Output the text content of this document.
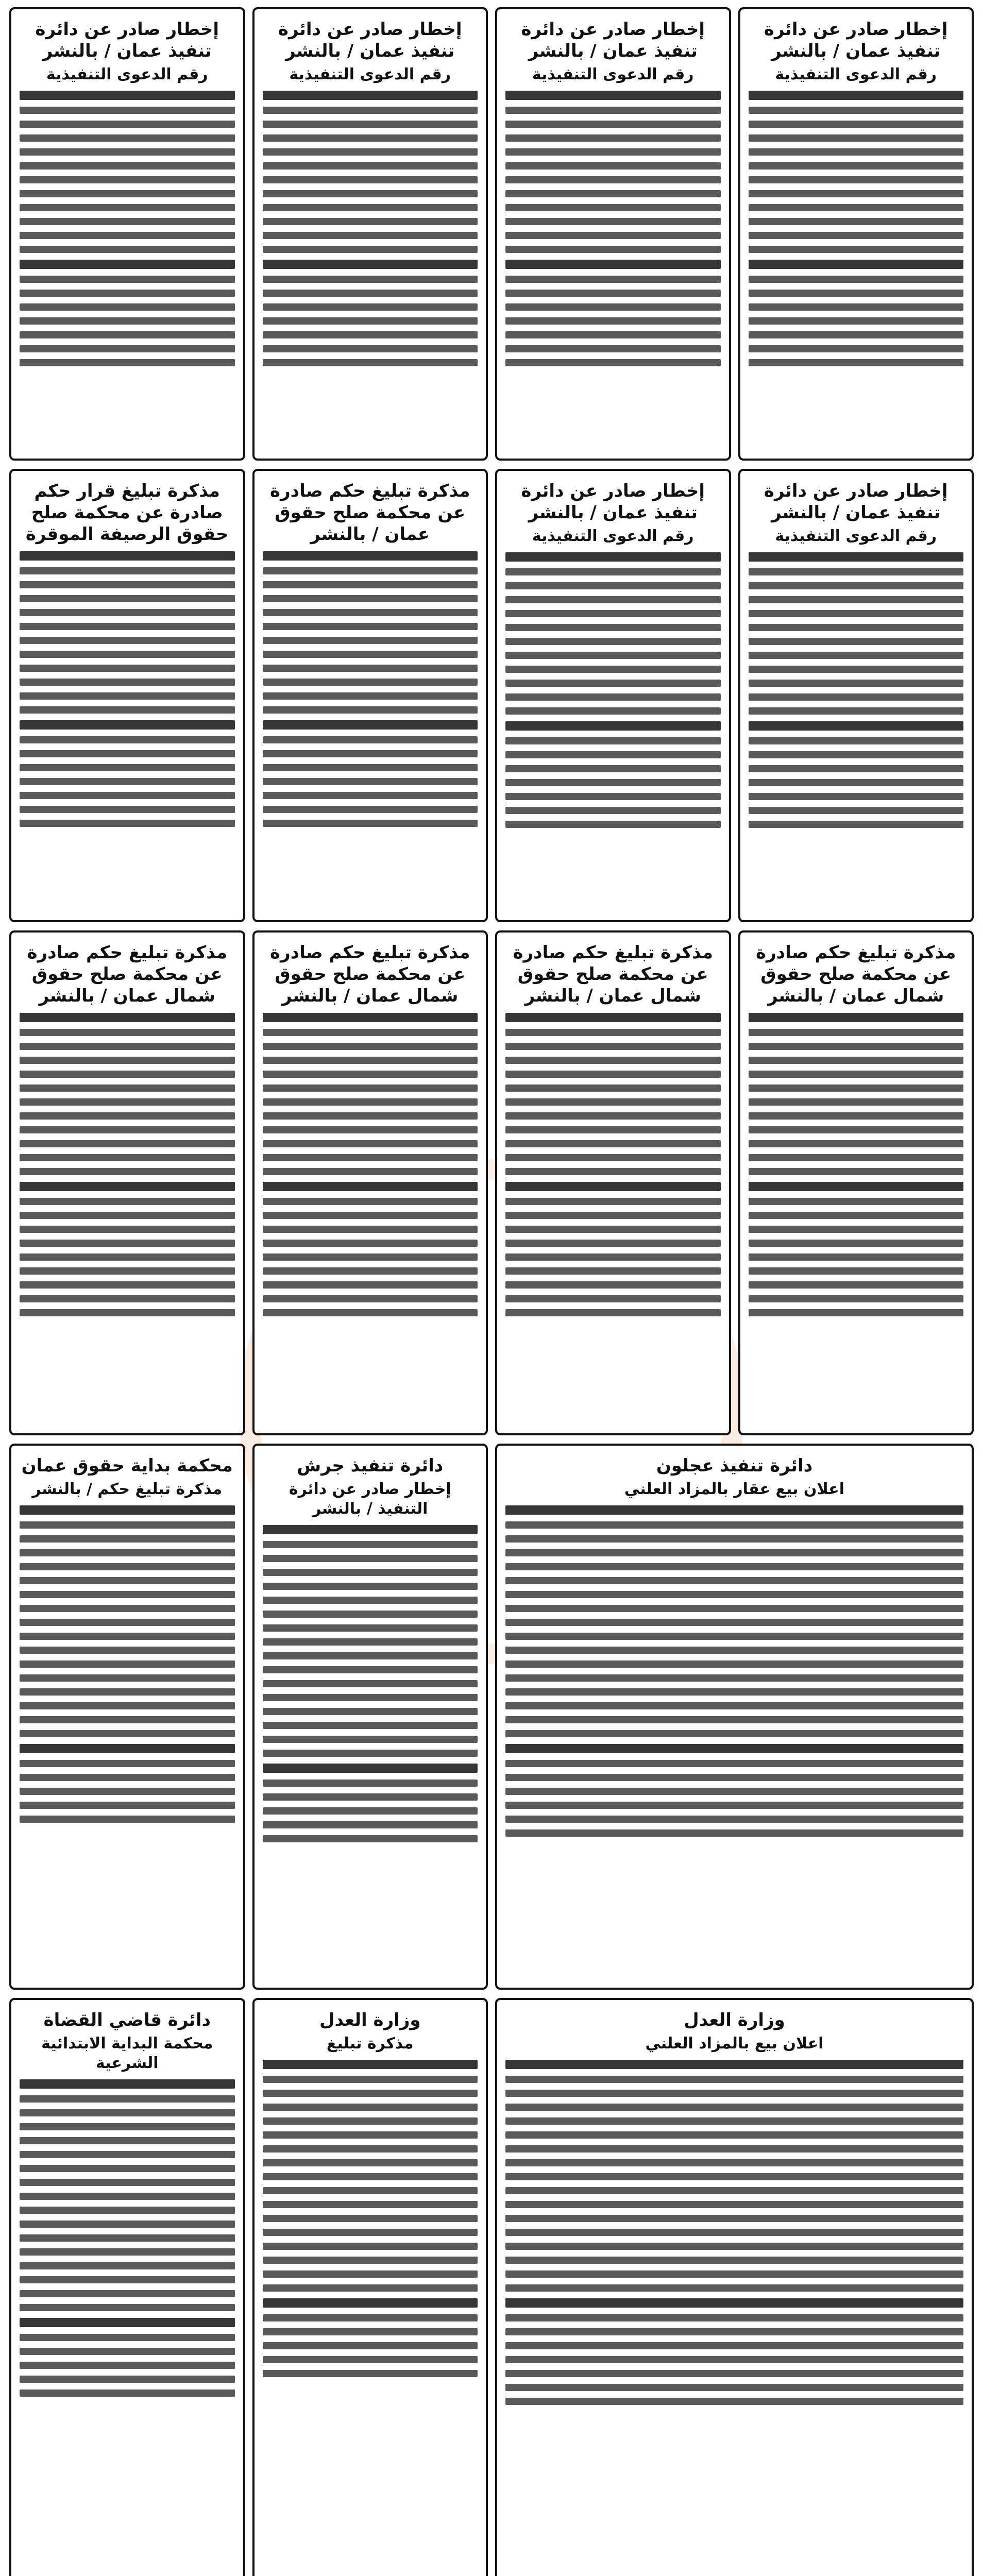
إخطار صادر عن دائرة تنفيذ عمان / بالنشر
رقم الدعوى التنفيذية
إخطار صادر عن دائرة تنفيذ عمان / بالنشر
رقم الدعوى التنفيذية
إخطار صادر عن دائرة تنفيذ عمان / بالنشر
رقم الدعوى التنفيذية
إخطار صادر عن دائرة تنفيذ عمان / بالنشر
رقم الدعوى التنفيذية
إخطار صادر عن دائرة تنفيذ عمان / بالنشر
رقم الدعوى التنفيذية
إخطار صادر عن دائرة تنفيذ عمان / بالنشر
رقم الدعوى التنفيذية
مذكرة تبليغ حكم صادرة عن محكمة صلح حقوق عمان / بالنشر
مذكرة تبليغ قرار حكم صادرة عن محكمة صلح حقوق الرصيفة الموقرة
مذكرة تبليغ حكم صادرة عن محكمة صلح حقوق شمال عمان / بالنشر
مذكرة تبليغ حكم صادرة عن محكمة صلح حقوق شمال عمان / بالنشر
مذكرة تبليغ حكم صادرة عن محكمة صلح حقوق شمال عمان / بالنشر
مذكرة تبليغ حكم صادرة عن محكمة صلح حقوق شمال عمان / بالنشر
دائرة تنفيذ عجلون
اعلان بيع عقار بالمزاد العلني
دائرة تنفيذ جرش
إخطار صادر عن دائرة التنفيذ / بالنشر
محكمة بداية حقوق عمان
مذكرة تبليغ حكم / بالنشر
وزارة العدل
اعلان بيع بالمزاد العلني
وزارة العدل
مذكرة تبليغ
دائرة قاضي القضاة
محكمة البداية الابتدائية الشرعية
